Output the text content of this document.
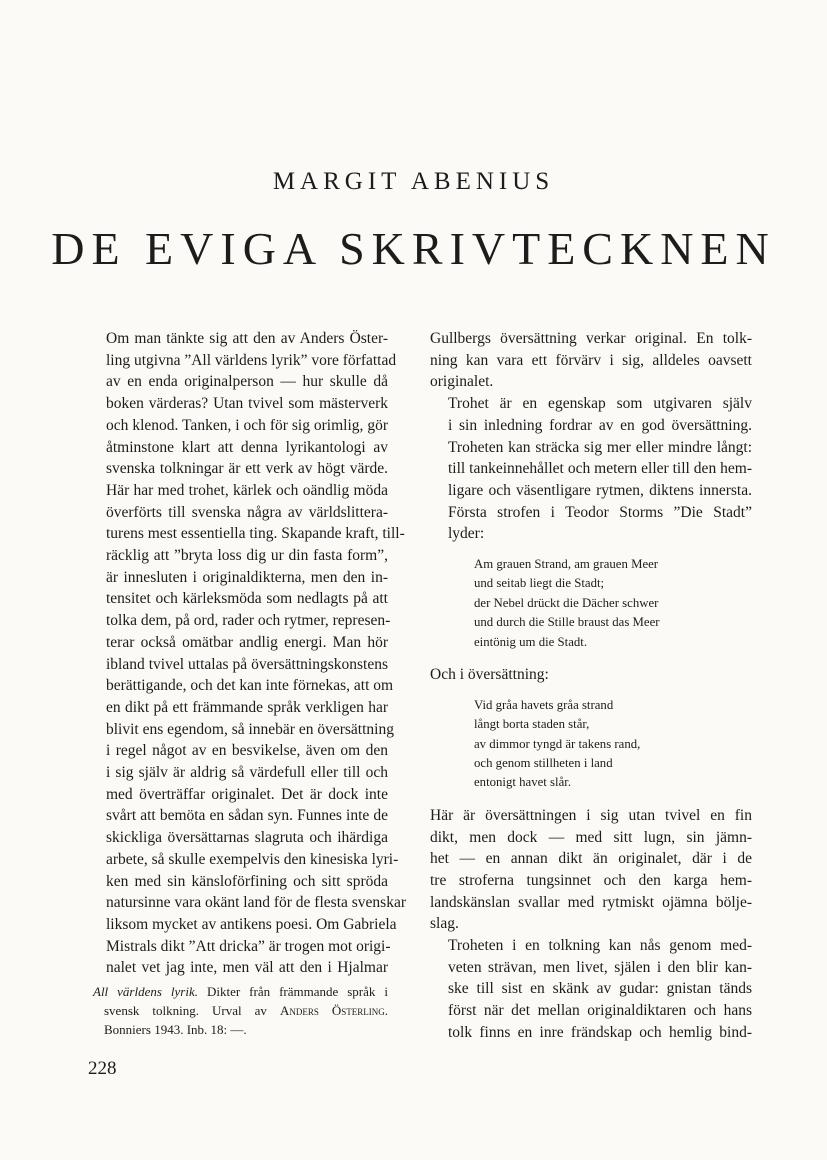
MARGIT ABENIUS
DE EVIGA SKRIVTECKNEN

Om man tänkte sig att den av Anders Öster-
ling utgivna ”All världens lyrik” vore författad
av en enda originalperson — hur skulle då
boken värderas? Utan tvivel som mästerverk
och klenod. Tanken, i och för sig orimlig, gör
åtminstone klart att denna lyrikantologi av
svenska tolkningar är ett verk av högt värde.
Här har med trohet, kärlek och oändlig möda
överförts till svenska några av världslittera-
turens mest essentiella ting. Skapande kraft, till-
räcklig att ”bryta loss dig ur din fasta form”,
är innesluten i originaldikterna, men den in-
tensitet och kärleksmöda som nedlagts på att
tolka dem, på ord, rader och rytmer, represen-
terar också omätbar andlig energi. Man hör
ibland tvivel uttalas på översättningskonstens
berättigande, och det kan inte förnekas, att om
en dikt på ett främmande språk verkligen har
blivit ens egendom, så innebär en översättning
i regel något av en besvikelse, även om den
i sig själv är aldrig så värdefull eller till och
med överträffar originalet. Det är dock inte
svårt att bemöta en sådan syn. Funnes inte de
skickliga översättarnas slagruta och ihärdiga
arbete, så skulle exempelvis den kinesiska lyri-
ken med sin känsloförfining och sitt spröda
natursinne vara okänt land för de flesta svenskar
liksom mycket av antikens poesi. Om Gabriela
Mistrals dikt ”Att dricka” är trogen mot origi-
nalet vet jag inte, men väl att den i Hjalmar

All världens lyrik. Dikter från främmande språk i
svensk tolkning. Urval av Anders Österling.
Bonniers 1943. Inb. 18: —.

Gullbergs översättning verkar original. En tolk-
ning kan vara ett förvärv i sig, alldeles oavsett
originalet.

Trohet är en egenskap som utgivaren själv
i sin inledning fordrar av en god översättning.
Troheten kan sträcka sig mer eller mindre långt:
till tankeinnehållet och metern eller till den hem-
ligare och väsentligare rytmen, diktens innersta.
Första strofen i Teodor Storms ”Die Stadt”
lyder:

Am grauen Strand, am grauen Meer
und seitab liegt die Stadt;
der Nebel drückt die Dächer schwer
und durch die Stille braust das Meer
eintönig um die Stadt.

Och i översättning:

Vid gråa havets gråa strand
långt borta staden står,
av dimmor tyngd är takens rand,
och genom stillheten i land
entonigt havet slår.

Här är översättningen i sig utan tvivel en fin
dikt, men dock — med sitt lugn, sin jämn-
het — en annan dikt än originalet, där i de
tre stroferna tungsinnet och den karga hem-
landskänslan svallar med rytmiskt ojämna bölje-
slag.

Troheten i en tolkning kan nås genom med-
veten strävan, men livet, själen i den blir kan-
ske till sist en skänk av gudar: gnistan tänds
först när det mellan originaldiktaren och hans
tolk finns en inre frändskap och hemlig bind-

228
